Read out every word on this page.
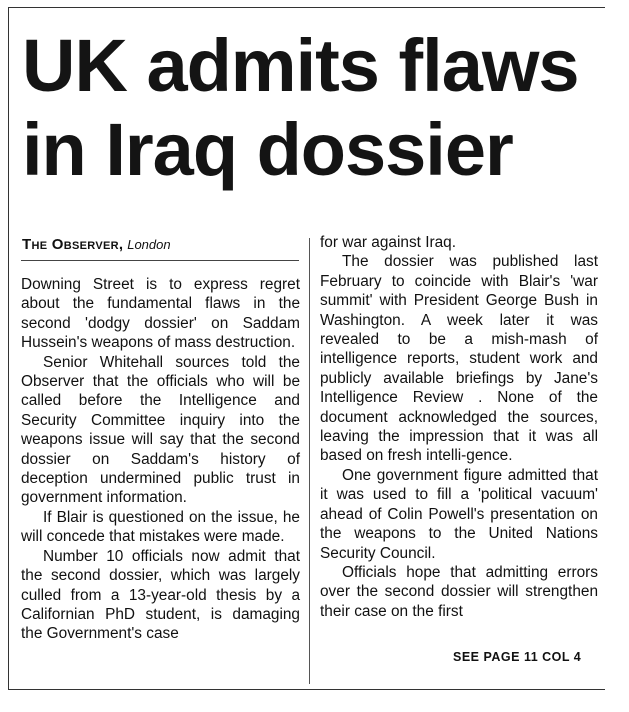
UK admits flaws in Iraq dossier
The Observer, London

Downing Street is to express regret about the fundamental flaws in the second 'dodgy dossier' on Saddam Hussein's weapons of mass destruction.

Senior Whitehall sources told the Observer that the officials who will be called before the Intelligence and Security Committee inquiry into the weapons issue will say that the second dossier on Saddam's history of deception undermined public trust in government information.

If Blair is questioned on the issue, he will concede that mistakes were made.

Number 10 officials now admit that the second dossier, which was largely culled from a 13-year-old thesis by a Californian PhD student, is damaging the Government's case

for war against Iraq.

The dossier was published last February to coincide with Blair's 'war summit' with President George Bush in Washington. A week later it was revealed to be a mish-mash of intelligence reports, student work and publicly available briefings by Jane's Intelligence Review . None of the document acknowledged the sources, leaving the impression that it was all based on fresh intelli-gence.

One government figure admitted that it was used to fill a 'political vacuum' ahead of Colin Powell's presentation on the weapons to the United Nations Security Council.

Officials hope that admitting errors over the second dossier will strengthen their case on the first

SEE PAGE 11 COL 4
